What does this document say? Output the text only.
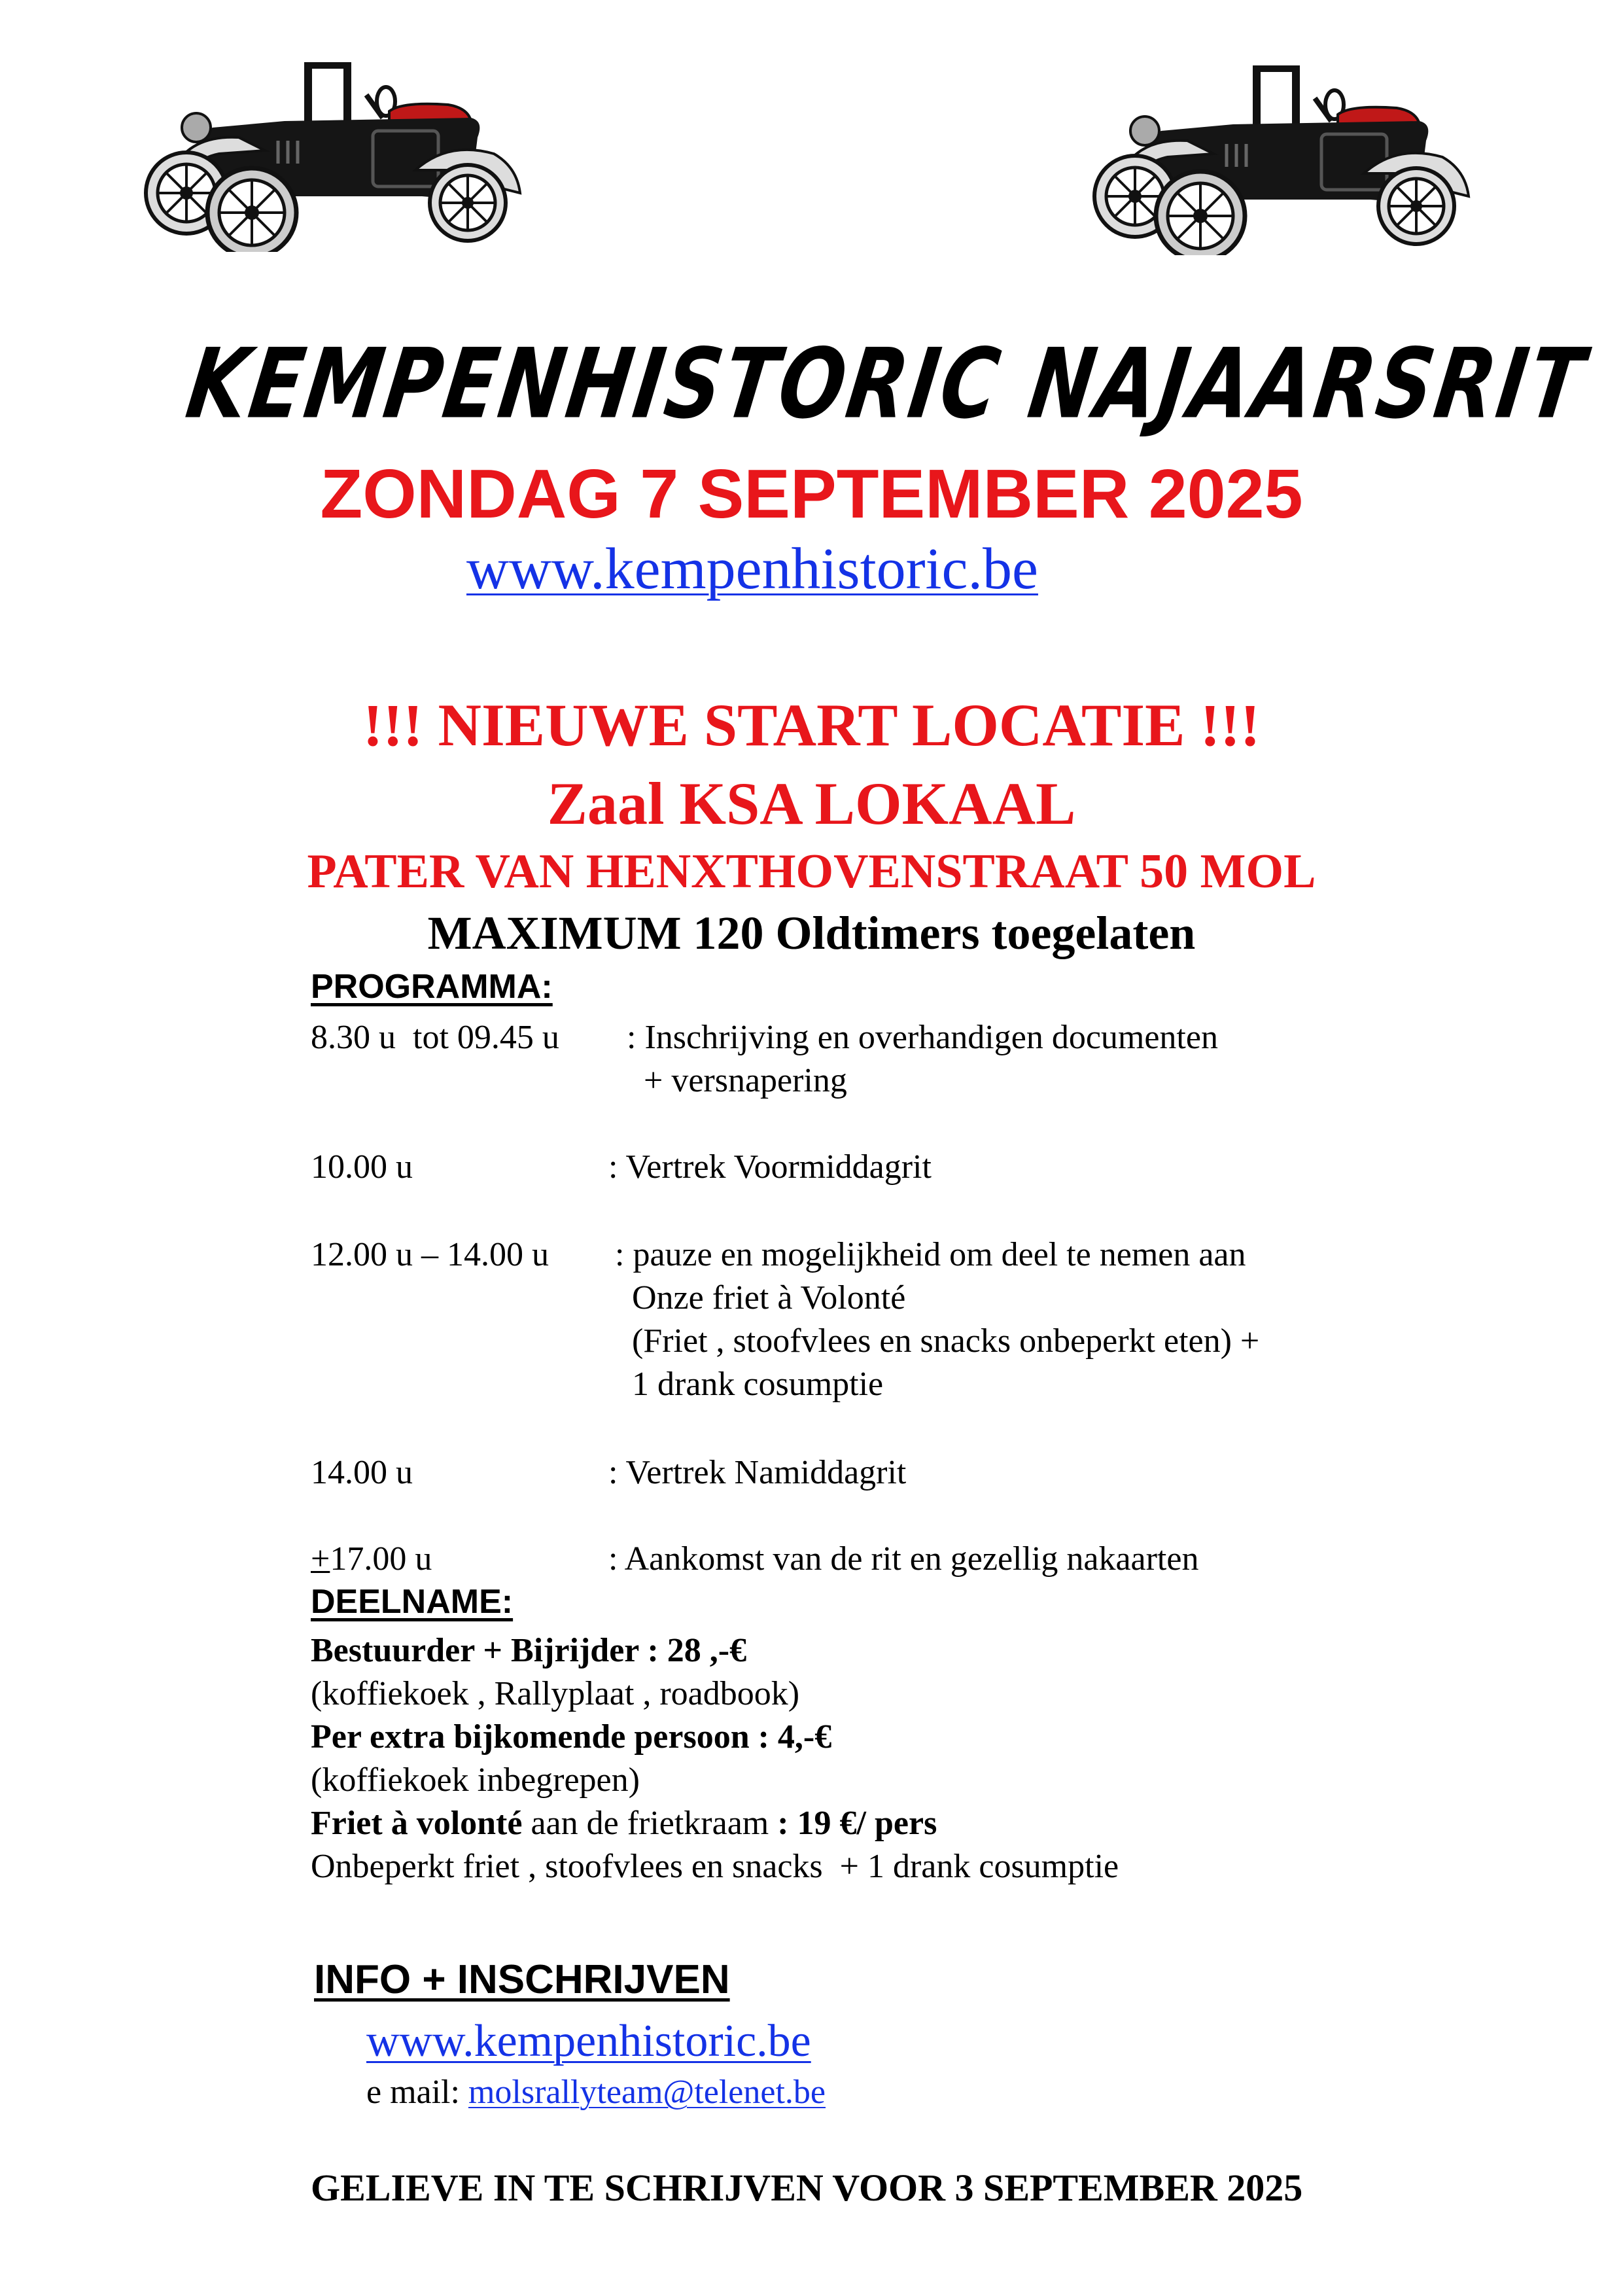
KEMPEN
HISTORIC NAJAARSRIT
ZONDAG 7 SEPTEMBER 2025
www.kempenhistoric.be
!!! NIEUWE START LOCATIE !!!
Zaal KSA LOKAAL
PATER VAN HENXTHOVENSTRAAT 50 MOL
MAXIMUM 120 Oldtimers toegelaten
PROGRAMMA:
8.30 u  tot 09.45 u : Inschrijving en overhandigen documenten
+ versnapering
10.00 u	: Vertrek Voormiddagrit
12.00 u – 14.00 u : pauze en mogelijkheid om deel te nemen aan
Onze friet à Volonté
(Friet , stoofvlees en snacks onbeperkt eten) +
1 drank cosumptie
14.00 u	: Vertrek Namiddagrit
+17.00 u	: Aankomst van de rit en gezellig nakaarten
DEELNAME:
Bestuurder + Bijrijder : 28 ,-€
(koffiekoek , Rallyplaat , roadbook)
Per extra bijkomende persoon : 4,-€
(koffiekoek inbegrepen)
Friet à volonté aan de frietkraam : 19 €/ pers
Onbeperkt friet , stoofvlees en snacks  + 1 drank cosumptie
INFO + INSCHRIJVEN
www.kempenhistoric.be
e mail: molsrallyteam@telenet.be
GELIEVE IN TE SCHRIJVEN VOOR 3 SEPTEMBER 2025
